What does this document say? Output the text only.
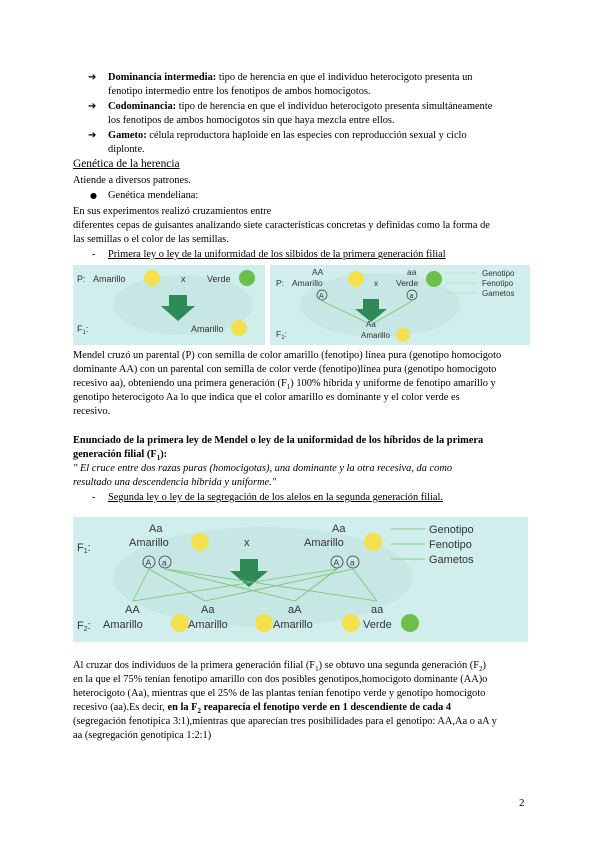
➔ Dominancia intermedia: tipo de herencia en que el individuo heterocigoto presenta un
fenotipo intermedio entre los fenotipos de ambos homocigotos.
➔ Codominancia: tipo de herencia en que el individuo heterocigoto presenta simultáneamente
los fenotipos de ambos homocigotos sin que haya mezcla entre ellos.
➔ Gameto: célula reproductora haploide en las especies con reproducción sexual y ciclo
diplonte.
Genética de la herencia
Atiende a diversos patrones.
● Genética mendeliana:
En sus experimentos realizó cruzamientos entre
diferentes cepas de guisantes analizando siete características concretas y definidas como la forma de
las semillas o el color de las semillas.
- Primera ley o ley de la uniformidad de los silbidos de la primera generación filial
P: Amarillo	x Verde
$F_1$:	Amarillo
AA	aa
P: Amarillo	x Verde
A	a
Genotipo
Fenotipo
Gametos
$F_1$:
Aa
Amarillo
Mendel cruzó un parental (P) con semilla de color amarillo (fenotipo) línea pura (genotipo homocigoto
dominante AA) con un parental con semilla de color verde (fenotipo)línea pura (genotipo homocigoto
recesivo aa), obteniendo una primera generación $(F_1)$ 100% híbrida y uniforme de fenotipo amarillo y
genotipo heterocigoto Aa lo que indica que el color amarillo es dominante y el color verde es
recesivo.
Enunciado de la primera ley de Mendel o ley de la uniformidad de los híbridos de la primera
generación filial $(F_1)$:
" El cruce entre dos razas puras (homocigotas), una dominante y la otra recesiva, da como
resultado una descendencia híbrida y uniforme."
- Segunda ley o ley de la segregación de los alelos en la segunda generación filial.
F1:
Aa
Amarillo	x
Aa
Amarillo
A a	A a
Genotipo
Fenotipo
Gametos
F2:
AA
Amarillo
Aa
Amarillo
aA
Amarillo
aa
Verde
Al cruzar dos individuos de la primera generación filial $(F_1)$ se obtuvo una segunda generación $(F_2)$
en la que el 75% tenían fenotipo amarillo con dos posibles genotipos,homocigoto dominante (AA)o
heterocigoto (Aa), mientras que el 25% de las plantas tenían fenotipo verde y genotipo homocigoto
recesivo (aa).Es decir, en la $F_2$ reaparecía el fenotipo verde en 1 descendiente de cada 4
(segregación fenotípica 3:1),mientras que aparecían tres posibilidades para el genotipo: AA,Aa o aA y
aa (segregación genotípica 1:2:1)
2
